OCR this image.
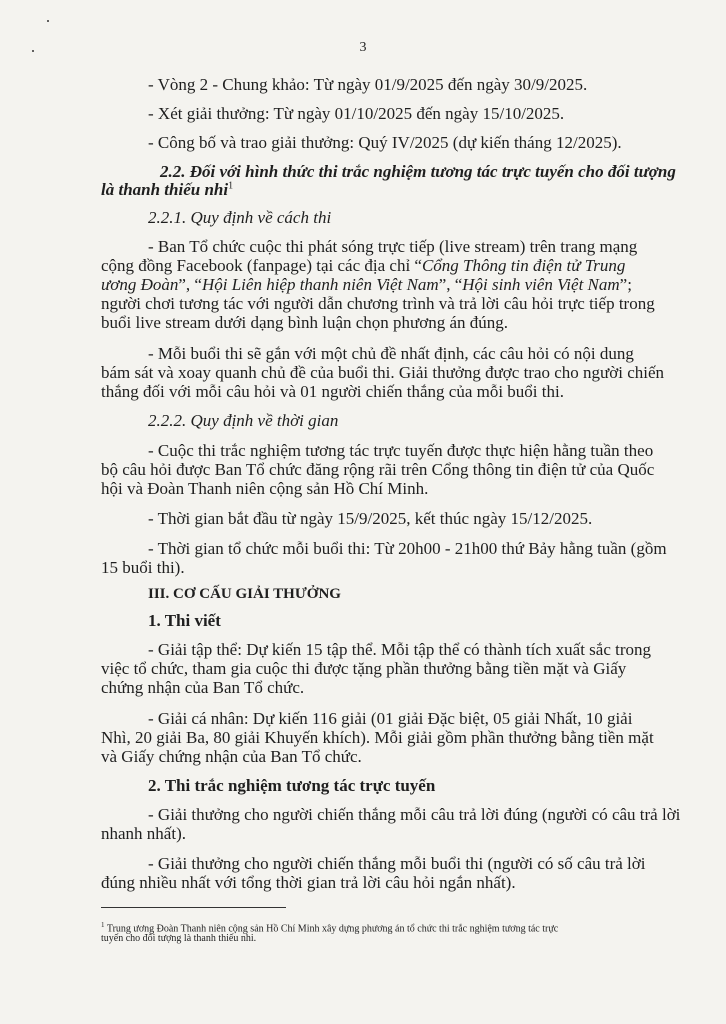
3

- Vòng 2 - Chung khảo: Từ ngày 01/9/2025 đến ngày 30/9/2025.

- Xét giải thưởng: Từ ngày 01/10/2025 đến ngày 15/10/2025.

- Công bố và trao giải thưởng: Quý IV/2025 (dự kiến tháng 12/2025).

2.2. Đối với hình thức thi trắc nghiệm tương tác trực tuyến cho đối tượng

là thanh thiếu nhi$^1$

2.2.1. Quy định về cách thi

- Ban Tổ chức cuộc thi phát sóng trực tiếp (live stream) trên trang mạng

cộng đồng Facebook (fanpage) tại các địa chỉ “Cổng Thông tin điện tử Trung

ương Đoàn”, “Hội Liên hiệp thanh niên Việt Nam”, “Hội sinh viên Việt Nam”;

người chơi tương tác với người dẫn chương trình và trả lời câu hỏi trực tiếp trong

buổi live stream dưới dạng bình luận chọn phương án đúng.

- Mỗi buổi thi sẽ gắn với một chủ đề nhất định, các câu hỏi có nội dung

bám sát và xoay quanh chủ đề của buổi thi. Giải thưởng được trao cho người chiến

thắng đối với mỗi câu hỏi và 01 người chiến thắng của mỗi buổi thi.

2.2.2. Quy định về thời gian

- Cuộc thi trắc nghiệm tương tác trực tuyến được thực hiện hằng tuần theo

bộ câu hỏi được Ban Tổ chức đăng rộng rãi trên Cổng thông tin điện tử của Quốc

hội và Đoàn Thanh niên cộng sản Hồ Chí Minh.

- Thời gian bắt đầu từ ngày 15/9/2025, kết thúc ngày 15/12/2025.

- Thời gian tổ chức mỗi buổi thi: Từ 20h00 - 21h00 thứ Bảy hằng tuần (gồm

15 buổi thi).

III. CƠ CẤU GIẢI THƯỞNG

1. Thi viết

- Giải tập thể: Dự kiến 15 tập thể. Mỗi tập thể có thành tích xuất sắc trong

việc tổ chức, tham gia cuộc thi được tặng phần thưởng bằng tiền mặt và Giấy

chứng nhận của Ban Tổ chức.

- Giải cá nhân: Dự kiến 116 giải (01 giải Đặc biệt, 05 giải Nhất, 10 giải

Nhì, 20 giải Ba, 80 giải Khuyến khích). Mỗi giải gồm phần thưởng bằng tiền mặt

và Giấy chứng nhận của Ban Tổ chức.

2. Thi trắc nghiệm tương tác trực tuyến

- Giải thưởng cho người chiến thắng mỗi câu trả lời đúng (người có câu trả lời

nhanh nhất).

- Giải thưởng cho người chiến thắng mỗi buổi thi (người có số câu trả lời

đúng nhiều nhất với tổng thời gian trả lời câu hỏi ngắn nhất).

$^1$ Trung ương Đoàn Thanh niên cộng sản Hồ Chí Minh xây dựng phương án tổ chức thi trắc nghiệm tương tác trực

tuyến cho đối tượng là thanh thiếu nhi.
